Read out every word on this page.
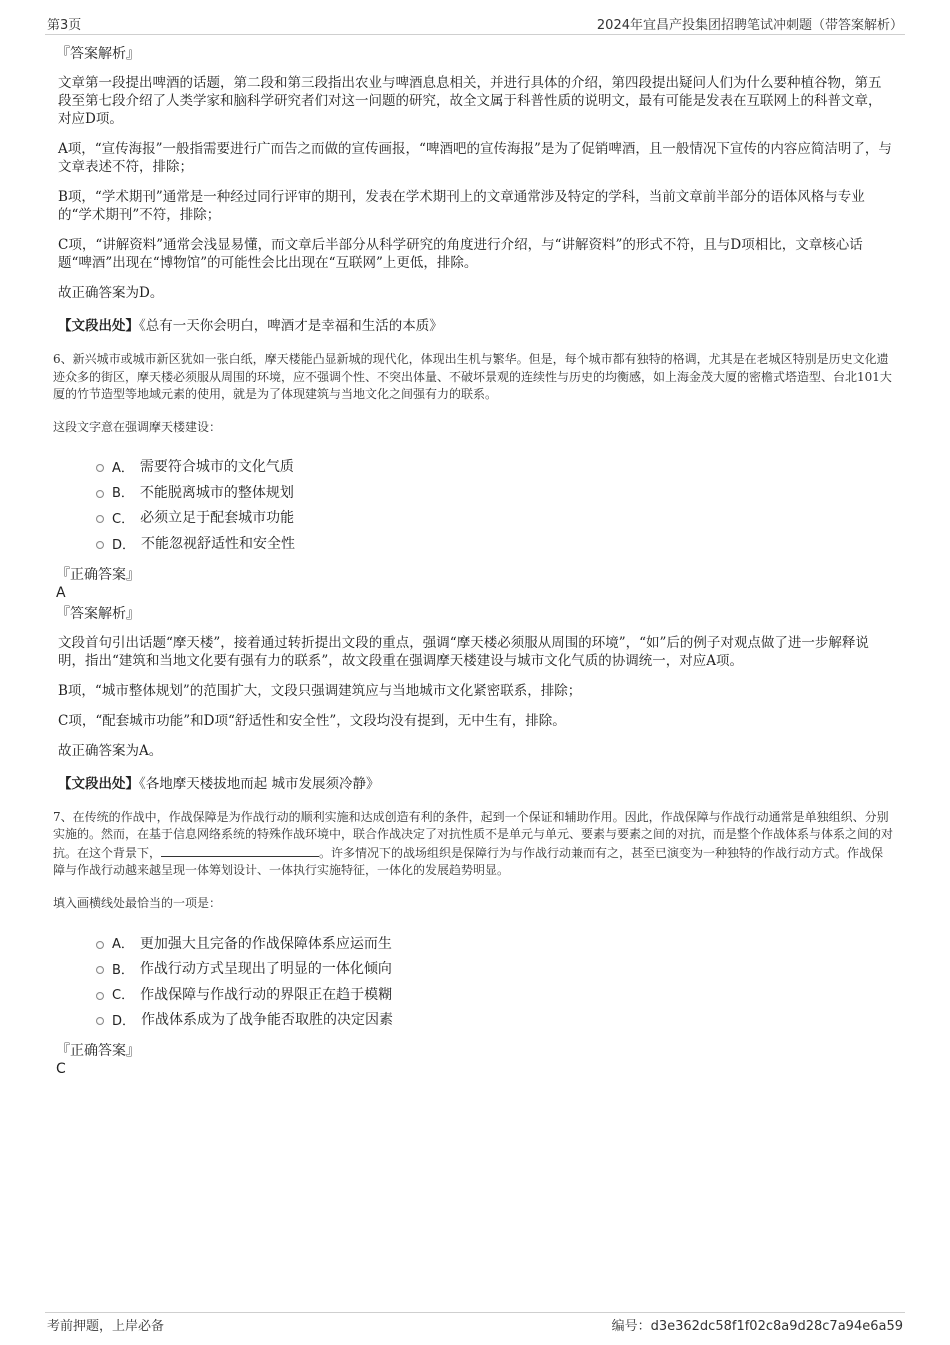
第3页	2024年宜昌产投集团招聘笔试冲刺题（带答案解析）
『答案解析』

文章第一段提出啤酒的话题，第二段和第三段指出农业与啤酒息息相关，并进行具体的介绍，第四段提出疑问人们为什么要种植谷物，第五段至第七段介绍了人类学家和脑科学研究者们对这一问题的研究，故全文属于科普性质的说明文，最有可能是发表在互联网上的科普文章，对应D项。

A项，“宣传海报”一般指需要进行广而告之而做的宣传画报，“啤酒吧的宣传海报”是为了促销啤酒，且一般情况下宣传的内容应简洁明了，与文章表述不符，排除；

B项，“学术期刊”通常是一种经过同行评审的期刊，发表在学术期刊上的文章通常涉及特定的学科，当前文章前半部分的语体风格与专业的“学术期刊”不符，排除；

C项，“讲解资料”通常会浅显易懂，而文章后半部分从科学研究的角度进行介绍，与“讲解资料”的形式不符，且与D项相比，文章核心话题“啤酒”出现在“博物馆”的可能性会比出现在“互联网”上更低，排除。

故正确答案为D。

【文段出处】《总有一天你会明白，啤酒才是幸福和生活的本质》

6、新兴城市或城市新区犹如一张白纸，摩天楼能凸显新城的现代化，体现出生机与繁华。但是，每个城市都有独特的格调，尤其是在老城区特别是历史文化遗迹众多的街区，摩天楼必须服从周围的环境，应不强调个性、不突出体量、不破坏景观的连续性与历史的均衡感，如上海金茂大厦的密檐式塔造型、台北101大厦的竹节造型等地域元素的使用，就是为了体现建筑与当地文化之间强有力的联系。

这段文字意在强调摩天楼建设：

A． 需要符合城市的文化气质
B． 不能脱离城市的整体规划
C． 必须立足于配套城市功能
D． 不能忽视舒适性和安全性
『正确答案』
A
『答案解析』

文段首句引出话题“摩天楼”，接着通过转折提出文段的重点，强调“摩天楼必须服从周围的环境”，“如”后的例子对观点做了进一步解释说明，指出“建筑和当地文化要有强有力的联系”，故文段重在强调摩天楼建设与城市文化气质的协调统一，对应A项。

B项，“城市整体规划”的范围扩大，文段只强调建筑应与当地城市文化紧密联系，排除；

C项，“配套城市功能”和D项“舒适性和安全性”，文段均没有提到，无中生有，排除。

故正确答案为A。

【文段出处】《各地摩天楼拔地而起 城市发展须冷静》

7、在传统的作战中，作战保障是为作战行动的顺利实施和达成创造有利的条件，起到一个保证和辅助作用。因此，作战保障与作战行动通常是单独组织、分别实施的。然而，在基于信息网络系统的特殊作战环境中，联合作战决定了对抗性质不是单元与单元、要素与要素之间的对抗，而是整个作战体系与体系之间的对抗。在这个背景下，	。许多情况下的战场组织是保障行为与作战行动兼而有之，甚至已演变为一种独特的作战行动方式。作战保障与作战行动越来越呈现一体筹划设计、一体执行实施特征，一体化的发展趋势明显。

填入画横线处最恰当的一项是：

A． 更加强大且完备的作战保障体系应运而生
B． 作战行动方式呈现出了明显的一体化倾向
C． 作战保障与作战行动的界限正在趋于模糊
D． 作战体系成为了战争能否取胜的决定因素
『正确答案』
C
考前押题，上岸必备	编号：d3e362dc58f1f02c8a9d28c7a94e6a59
